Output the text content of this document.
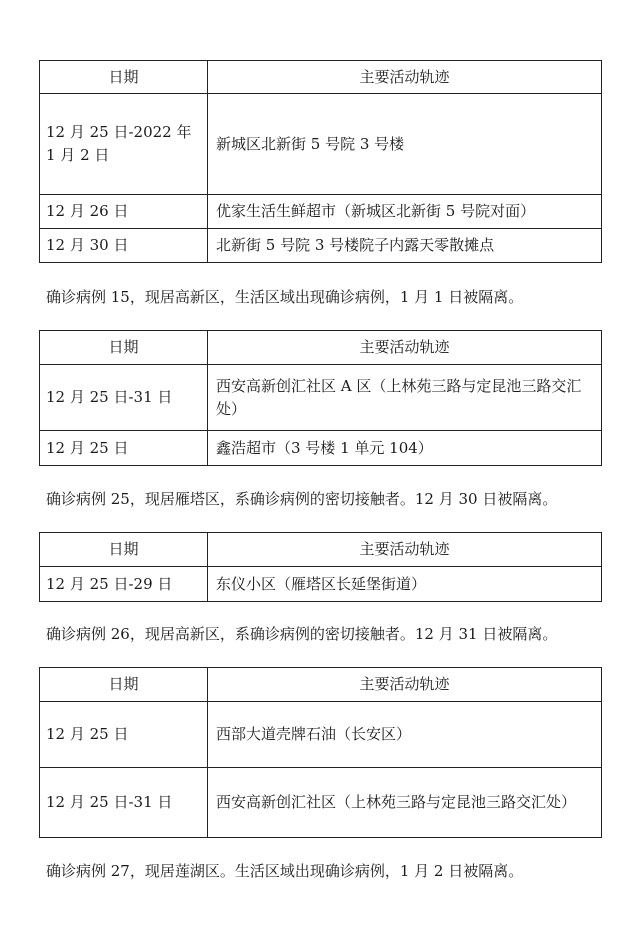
日期	主要活动轨迹
12 月 25 日-2022 年 1 月 2 日	新城区北新街 5 号院 3 号楼
12 月 26 日	优家生活生鲜超市（新城区北新街 5 号院对面）
12 月 30 日	北新街 5 号院 3 号楼院子内露天零散摊点
确诊病例 15，现居高新区，生活区域出现确诊病例，1 月 1 日被隔离。
日期	主要活动轨迹
12 月 25 日-31 日	西安高新创汇社区 A 区（上林苑三路与定昆池三路交汇处）
12 月 25 日	鑫浩超市（3 号楼 1 单元 104）
确诊病例 25，现居雁塔区，系确诊病例的密切接触者。12 月 30 日被隔离。
日期	主要活动轨迹
12 月 25 日-29 日	东仪小区（雁塔区长延堡街道）
确诊病例 26，现居高新区，系确诊病例的密切接触者。12 月 31 日被隔离。
日期	主要活动轨迹
12 月 25 日	西部大道壳牌石油（长安区）
12 月 25 日-31 日	西安高新创汇社区（上林苑三路与定昆池三路交汇处）
确诊病例 27，现居莲湖区。生活区域出现确诊病例，1 月 2 日被隔离。
